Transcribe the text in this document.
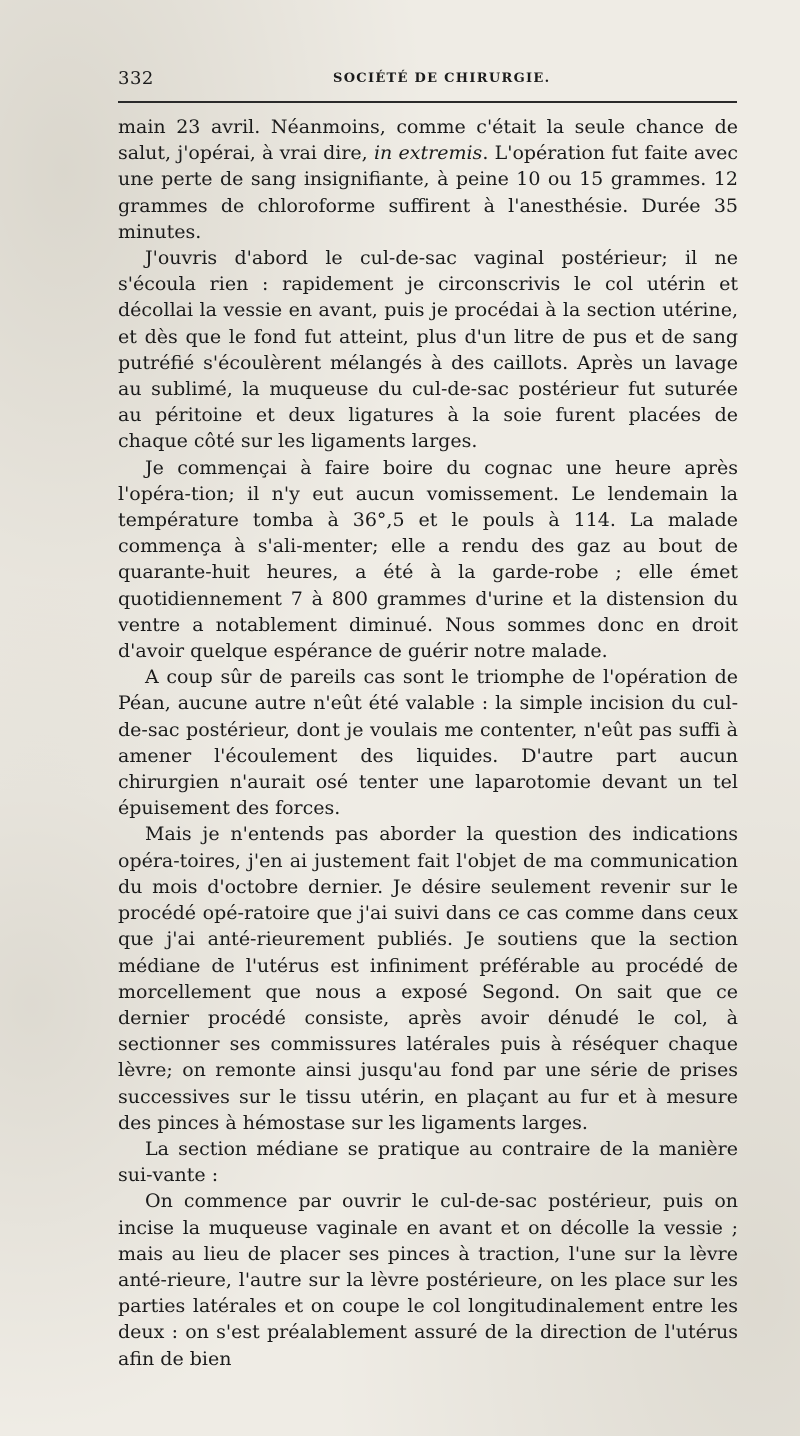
332	SOCIÉTÉ DE CHIRURGIE.

main 23 avril. Néanmoins, comme c'était la seule chance de salut, j'opérai, à vrai dire, in extremis. L'opération fut faite avec une perte de sang insignifiante, à peine 10 ou 15 grammes. 12 grammes de chloroforme suffirent à l'anesthésie. Durée 35 minutes.

J'ouvris d'abord le cul-de-sac vaginal postérieur; il ne s'écoula rien : rapidement je circonscrivis le col utérin et décollai la vessie en avant, puis je procédai à la section utérine, et dès que le fond fut atteint, plus d'un litre de pus et de sang putréfié s'écoulèrent mélangés à des caillots. Après un lavage au sublimé, la muqueuse du cul-de-sac postérieur fut suturée au péritoine et deux ligatures à la soie furent placées de chaque côté sur les ligaments larges.

Je commençai à faire boire du cognac une heure après l'opéra-tion; il n'y eut aucun vomissement. Le lendemain la température tomba à 36°,5 et le pouls à 114. La malade commença à s'ali-menter; elle a rendu des gaz au bout de quarante-huit heures, a été à la garde-robe ; elle émet quotidiennement 7 à 800 grammes d'urine et la distension du ventre a notablement diminué. Nous sommes donc en droit d'avoir quelque espérance de guérir notre malade.

A coup sûr de pareils cas sont le triomphe de l'opération de Péan, aucune autre n'eût été valable : la simple incision du cul-de-sac postérieur, dont je voulais me contenter, n'eût pas suffi à amener l'écoulement des liquides. D'autre part aucun chirurgien n'aurait osé tenter une laparotomie devant un tel épuisement des forces.

Mais je n'entends pas aborder la question des indications opéra-toires, j'en ai justement fait l'objet de ma communication du mois d'octobre dernier. Je désire seulement revenir sur le procédé opé-ratoire que j'ai suivi dans ce cas comme dans ceux que j'ai anté-rieurement publiés. Je soutiens que la section médiane de l'utérus est infiniment préférable au procédé de morcellement que nous a exposé Segond. On sait que ce dernier procédé consiste, après avoir dénudé le col, à sectionner ses commissures latérales puis à réséquer chaque lèvre; on remonte ainsi jusqu'au fond par une série de prises successives sur le tissu utérin, en plaçant au fur et à mesure des pinces à hémostase sur les ligaments larges.

La section médiane se pratique au contraire de la manière sui-vante :

On commence par ouvrir le cul-de-sac postérieur, puis on incise la muqueuse vaginale en avant et on décolle la vessie ; mais au lieu de placer ses pinces à traction, l'une sur la lèvre anté-rieure, l'autre sur la lèvre postérieure, on les place sur les parties latérales et on coupe le col longitudinalement entre les deux : on s'est préalablement assuré de la direction de l'utérus afin de bien
